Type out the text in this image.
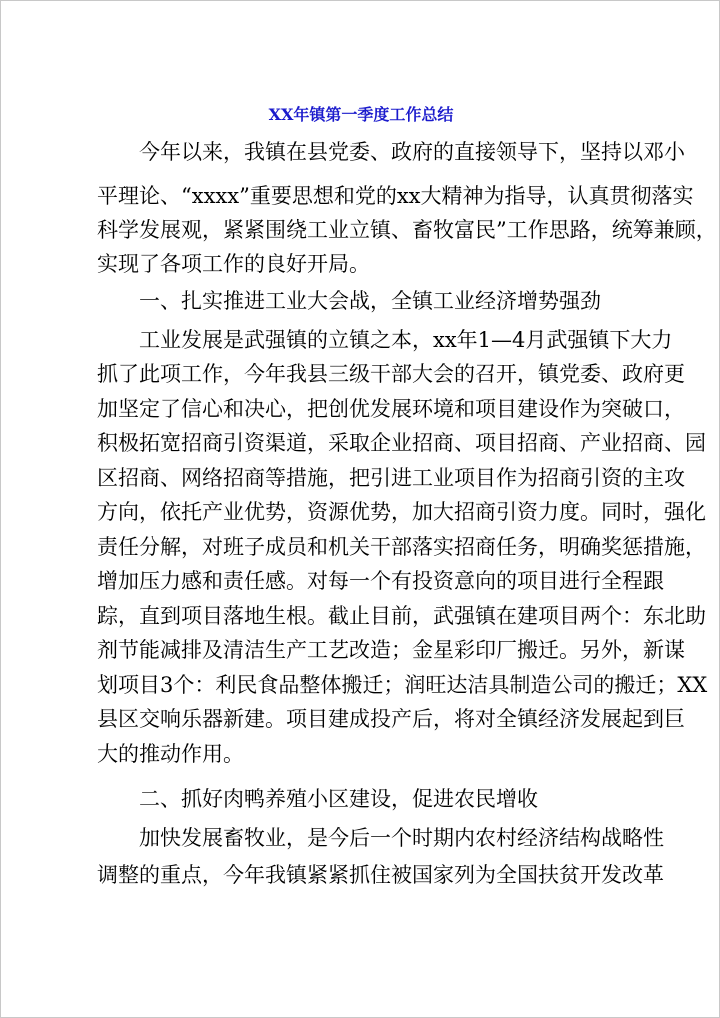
XX年镇第一季度工作总结
今年以来，我镇在县党委、政府的直接领导下，坚持以邓小
平理论、“xxxx”重要思想和党的xx大精神为指导，认真贯彻落实
科学发展观，紧紧围绕工业立镇、畜牧富民”工作思路，统筹兼顾，
实现了各项工作的良好开局。
一、扎实推进工业大会战，全镇工业经济增势强劲
工业发展是武强镇的立镇之本，xx年1—4月武强镇下大力
抓了此项工作，今年我县三级干部大会的召开，镇党委、政府更
加坚定了信心和决心，把创优发展环境和项目建设作为突破口，
积极拓宽招商引资渠道，采取企业招商、项目招商、产业招商、园
区招商、网络招商等措施，把引进工业项目作为招商引资的主攻
方向，依托产业优势，资源优势，加大招商引资力度。同时，强化
责任分解，对班子成员和机关干部落实招商任务，明确奖惩措施，
增加压力感和责任感。对每一个有投资意向的项目进行全程跟
踪，直到项目落地生根。截止目前，武强镇在建项目两个：东北助
剂节能减排及清洁生产工艺改造；金星彩印厂搬迁。另外，新谋
划项目3个：利民食品整体搬迁；润旺达洁具制造公司的搬迁；XX
县区交响乐器新建。项目建成投产后，将对全镇经济发展起到巨
大的推动作用。
二、抓好肉鸭养殖小区建设，促进农民增收
加快发展畜牧业，是今后一个时期内农村经济结构战略性
调整的重点，今年我镇紧紧抓住被国家列为全国扶贫开发改革
